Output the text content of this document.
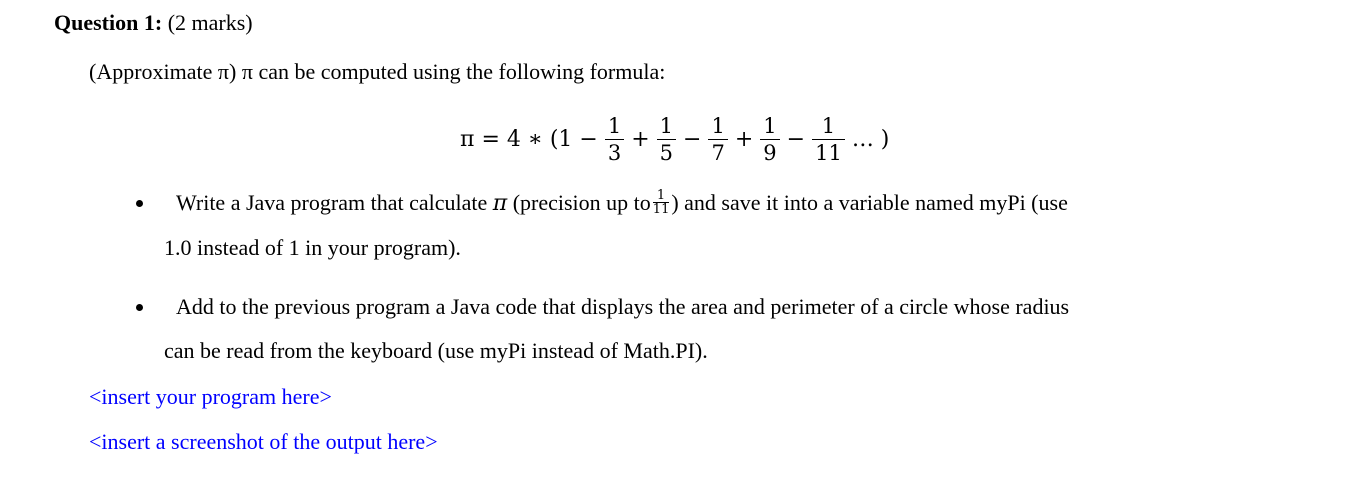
Question 1: (2 marks)
(Approximate π) π can be computed using the following formula:
π = 4 ∗ ($1 - \frac{1}{3} + \frac{1}{5} - \frac{1}{7} + \frac{1}{9} - \frac{1}{11}$ … )
Write a Java program that calculate π (precision up to $\frac{1}{11}$ ) and save it into a variable named myPi (use
1.0 instead of 1 in your program).
Add to the previous program a Java code that displays the area and perimeter of a circle whose radius
can be read from the keyboard (use myPi instead of Math.PI).
<insert your program here>
<insert a screenshot of the output here>
